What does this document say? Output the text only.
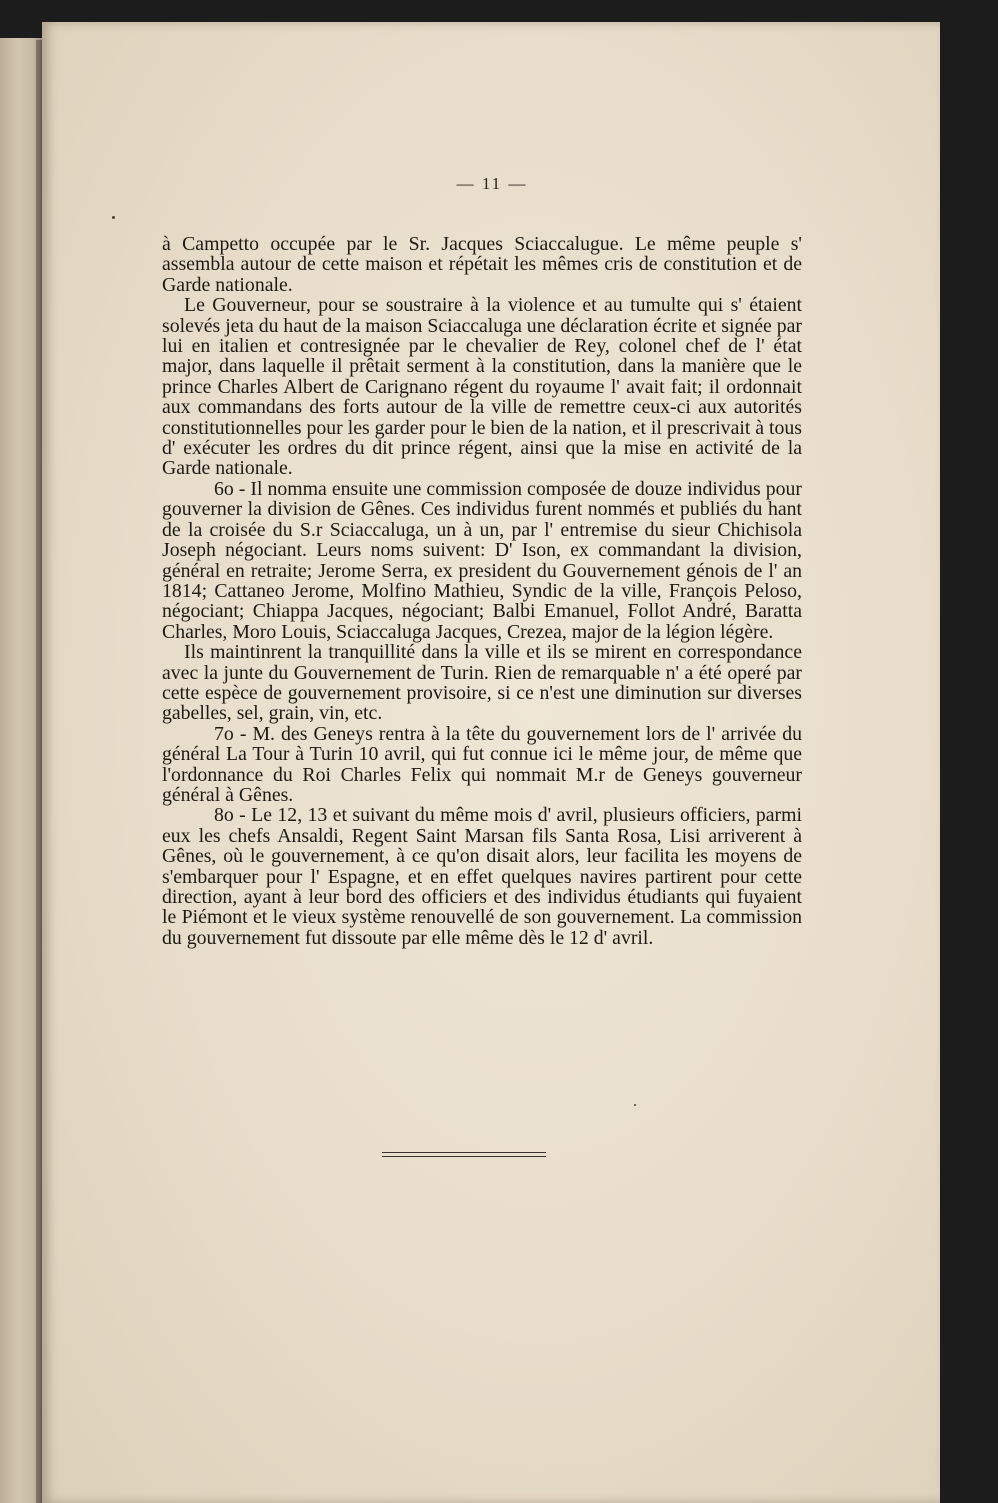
— 11 —

à Campetto occupée par le Sr. Jacques Sciaccalugue. Le même peuple s' assembla autour de cette maison et répétait les mêmes cris de constitution et de Garde nationale.

Le Gouverneur, pour se soustraire à la violence et au tumulte qui s' étaient solevés jeta du haut de la maison Sciaccaluga une déclaration écrite et signée par lui en italien et contresignée par le chevalier de Rey, colonel chef de l' état major, dans laquelle il prêtait serment à la constitution, dans la manière que le prince Charles Albert de Carignano régent du royaume l' avait fait; il ordonnait aux commandans des forts autour de la ville de remettre ceux-ci aux autorités constitutionnelles pour les garder pour le bien de la nation, et il prescrivait à tous d' exécuter les ordres du dit prince régent, ainsi que la mise en activité de la Garde nationale.

6o - Il nomma ensuite une commission composée de douze individus pour gouverner la division de Gênes. Ces individus furent nommés et publiés du hant de la croisée du S.r Sciaccaluga, un à un, par l' entremise du sieur Chichisola Joseph négociant. Leurs noms suivent: D' Ison, ex commandant la division, général en retraite; Jerome Serra, ex president du Gouvernement génois de l' an 1814; Cattaneo Jerome, Molfino Mathieu, Syndic de la ville, François Peloso, négociant; Chiappa Jacques, négociant; Balbi Emanuel, Follot André, Baratta Charles, Moro Louis, Sciaccaluga Jacques, Crezea, major de la légion légère.

Ils maintinrent la tranquillité dans la ville et ils se mirent en correspondance avec la junte du Gouvernement de Turin. Rien de remarquable n' a été operé par cette espèce de gouvernement provisoire, si ce n'est une diminution sur diverses gabelles, sel, grain, vin, etc.

7o - M. des Geneys rentra à la tête du gouvernement lors de l' arrivée du général La Tour à Turin 10 avril, qui fut connue ici le même jour, de même que l'ordonnance du Roi Charles Felix qui nommait M.r de Geneys gouverneur général à Gênes.

8o - Le 12, 13 et suivant du même mois d' avril, plusieurs officiers, parmi eux les chefs Ansaldi, Regent Saint Marsan fils Santa Rosa, Lisi arriverent à Gênes, où le gouvernement, à ce qu'on disait alors, leur facilita les moyens de s'embarquer pour l' Espagne, et en effet quelques navires partirent pour cette direction, ayant à leur bord des officiers et des individus étudiants qui fuyaient le Piémont et le vieux système renouvellé de son gouvernement. La commission du gouvernement fut dissoute par elle même dès le 12 d' avril.
